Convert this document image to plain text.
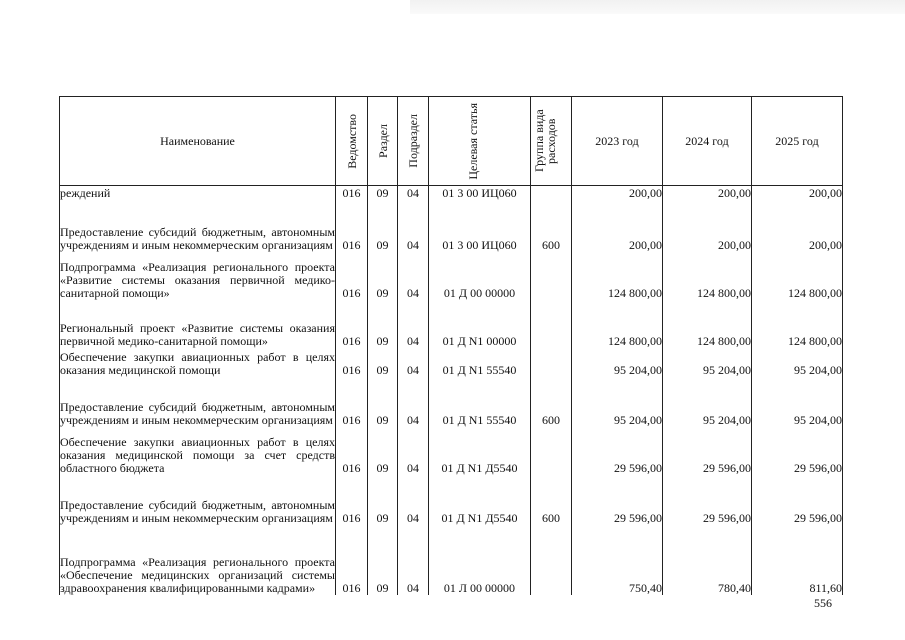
Наименование	Ведомство	Раздел	Подраздел	Целевая статья	Группа вида расходов	2023 год	2024 год	2025 год
реждений	016	09	04	01 3 00 ИЦ060		200,00	200,00	200,00
Предоставление субсидий бюджетным, автономным учреждениям и иным некоммерческим организациям	016	09	04	01 3 00 ИЦ060	600	200,00	200,00	200,00
Подпрограмма «Реализация регионального проекта «Развитие системы оказания первичной медико-санитарной помощи»	016	09	04	01 Д 00 00000		124 800,00	124 800,00	124 800,00
Региональный проект «Развитие системы оказания первичной медико-санитарной помощи»	016	09	04	01 Д N1 00000		124 800,00	124 800,00	124 800,00
Обеспечение закупки авиационных работ в целях оказания медицинской помощи	016	09	04	01 Д N1 55540		95 204,00	95 204,00	95 204,00
Предоставление субсидий бюджетным, автономным учреждениям и иным некоммерческим организациям	016	09	04	01 Д N1 55540	600	95 204,00	95 204,00	95 204,00
Обеспечение закупки авиационных работ в целях оказания медицинской помощи за счет средств областного бюджета	016	09	04	01 Д N1 Д5540		29 596,00	29 596,00	29 596,00
Предоставление субсидий бюджетным, автономным учреждениям и иным некоммерческим организациям	016	09	04	01 Д N1 Д5540	600	29 596,00	29 596,00	29 596,00
Подпрограмма «Реализация регионального проекта «Обеспечение медицинских организаций системы здравоохранения квалифицированными кадрами»	016	09	04	01 Л 00 00000		750,40	780,40	811,60
556
